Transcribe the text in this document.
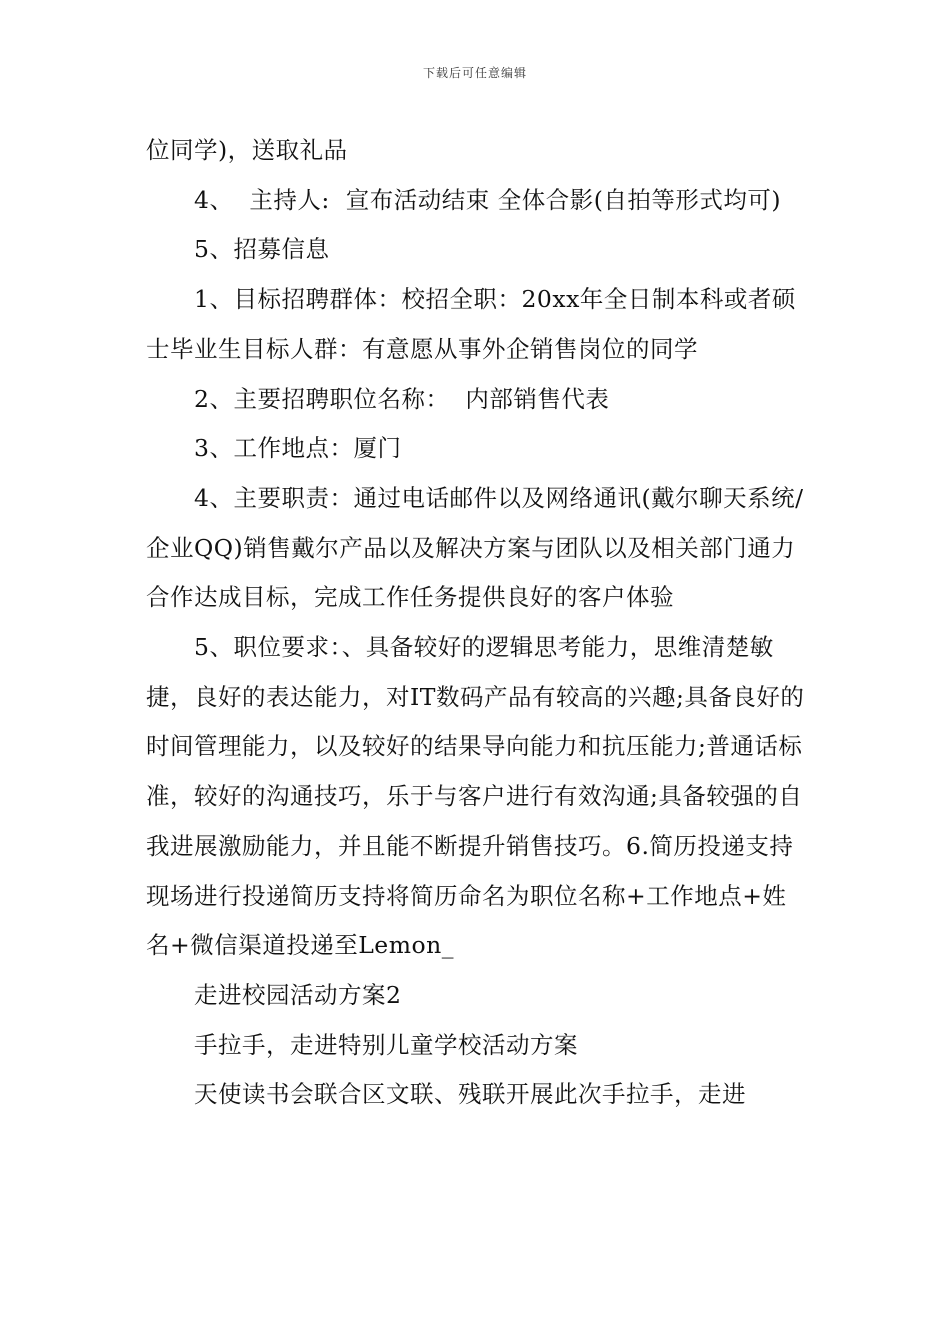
下载后可任意编辑

位同学)，送取礼品

4、  主持人:  宣布活动结束 全体合影(自拍等形式均可)

5、招募信息

1、目标招聘群体：校招全职：20xx年全日制本科或者硕士毕业生目标人群：有意愿从事外企销售岗位的同学

2、主要招聘职位名称：  内部销售代表

3、工作地点：厦门

4、主要职责：通过电话邮件以及网络通讯(戴尔聊天系统/企业QQ)销售戴尔产品以及解决方案与团队以及相关部门通力合作达成目标，完成工作任务提供良好的客户体验

5、职位要求：、具备较好的逻辑思考能力，思维清楚敏捷，良好的表达能力，对IT数码产品有较高的兴趣;具备良好的时间管理能力，以及较好的结果导向能力和抗压能力;普通话标准，较好的沟通技巧，乐于与客户进行有效沟通;具备较强的自我进展激励能力，并且能不断提升销售技巧。6.简历投递支持现场进行投递简历支持将简历命名为职位名称+工作地点+姓名+微信渠道投递至Lemon_

走进校园活动方案2

手拉手，走进特别儿童学校活动方案

天使读书会联合区文联、残联开展此次手拉手，走进
